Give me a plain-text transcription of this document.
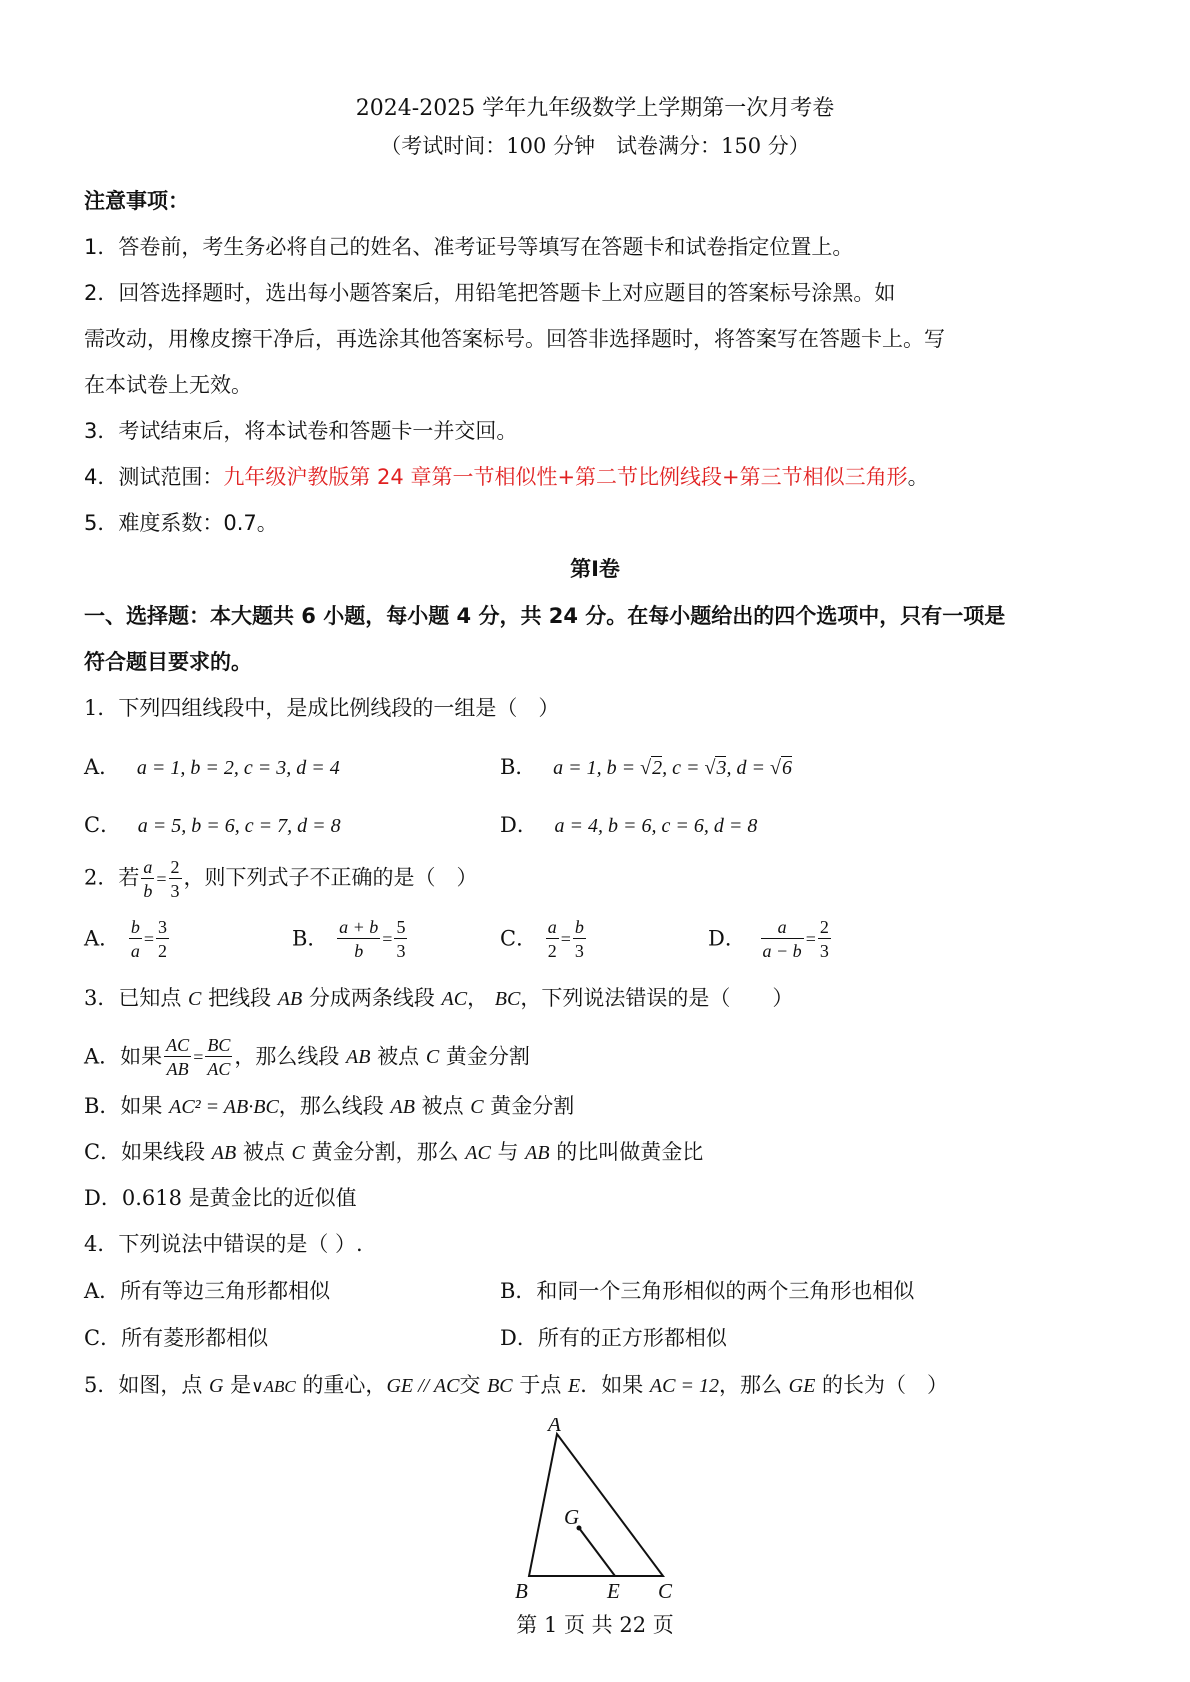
2024-2025 学年九年级数学上学期第一次月考卷
（考试时间：100 分钟　试卷满分：150 分）
注意事项：
1．答卷前，考生务必将自己的姓名、准考证号等填写在答题卡和试卷指定位置上。
2．回答选择题时，选出每小题答案后，用铅笔把答题卡上对应题目的答案标号涂黑。如
需改动，用橡皮擦干净后，再选涂其他答案标号。回答非选择题时，将答案写在答题卡上。写
在本试卷上无效。
3．考试结束后，将本试卷和答题卡一并交回。
4．测试范围：九年级沪教版第 24 章第一节相似性+第二节比例线段+第三节相似三角形。
5．难度系数：0.7。
第Ⅰ卷
一、选择题：本大题共 6 小题，每小题 4 分，共 24 分。在每小题给出的四个选项中，只有一项是
符合题目要求的。
1．下列四组线段中，是成比例线段的一组是（　）
A． a = 1, b = 2, c = 3, d = 4	B． a = 1, b = √2, c = √3, d = √6
C． a = 5, b = 6, c = 7, d = 8	D． a = 4, b = 6, c = 6, d = 8
2．若 $\frac{a}{b} = \frac{2}{3}$ ，则下列式子不正确的是（　）
A． $\frac{b}{a} = \frac{3}{2}$	B． $\frac{a + b}{b} = \frac{5}{3}$	C． $\frac{a}{2} = \frac{b}{3}$	D． $\frac{a}{a - b} = \frac{2}{3}$
3．已知点 C 把线段 AB 分成两条线段 AC， BC，下列说法错误的是（　　）
A．如果 $\frac{AC}{AB} = \frac{BC}{AC}$ ，那么线段 AB 被点 C 黄金分割
B．如果 AC² = AB·BC，那么线段 AB 被点 C 黄金分割
C．如果线段 AB 被点 C 黄金分割，那么 AC 与 AB 的比叫做黄金比
D．0.618 是黄金比的近似值
4．下列说法中错误的是（ ）.
A．所有等边三角形都相似	B．和同一个三角形相似的两个三角形也相似
C．所有菱形都相似	D．所有的正方形都相似
5．如图，点 G 是∨ABC 的重心，GE // AC交 BC 于点 E．如果 AC = 12，那么 GE 的长为（　）
A
B	C
G
E
第 1 页 共 22 页
